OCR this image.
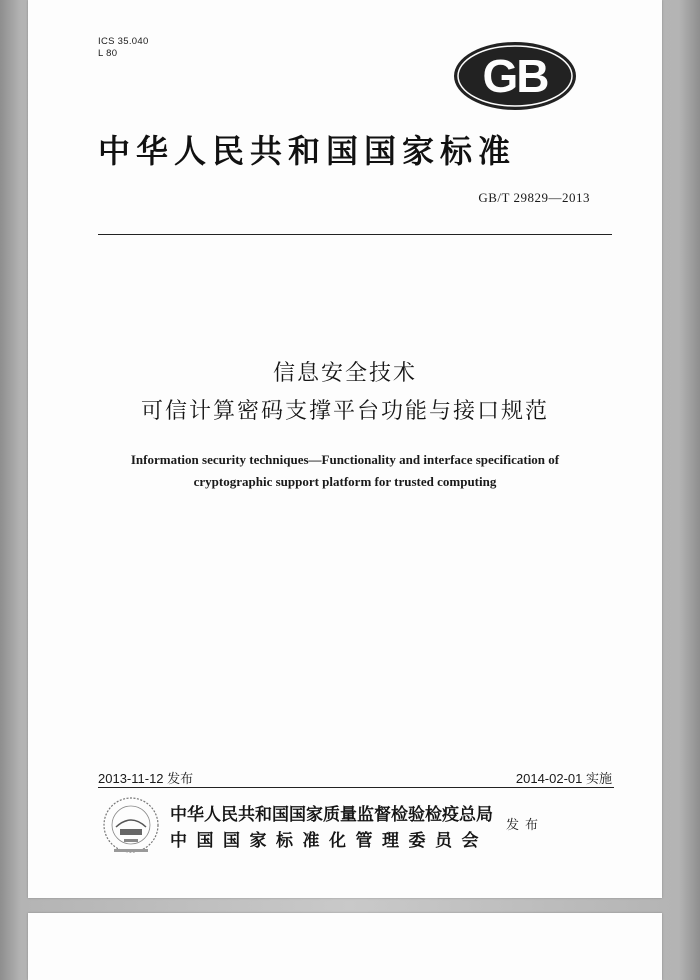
ICS 35.040
L 80	GB
中华人民共和国国家标准
GB/T 29829—2013
信息安全技术
可信计算密码支撑平台功能与接口规范
Information security techniques—Functionality and interface specification of
cryptographic support platform for trusted computing
2013-11-12 发布	2014-02-01 实施
中华人民共和国国家质量监督检验检疫总局
中国国家标准化管理委员会
发布
